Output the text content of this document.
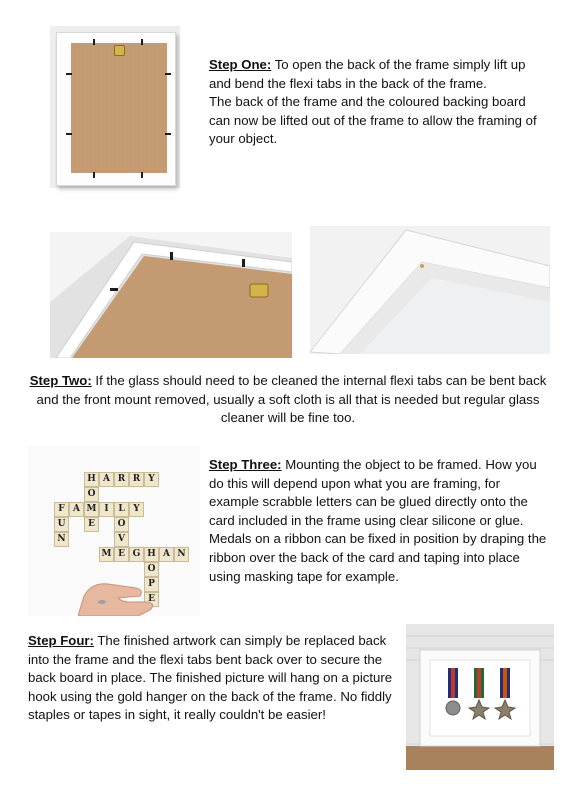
Step One: To open the back of the frame simply lift up and bend the flexi tabs in the back of the frame.
The back of the frame and the coloured backing board can now be lifted out of the frame to allow the framing of your object.
Step Two: If the glass should need to be cleaned the internal flexi tabs can be bent back and the front mount removed, usually a soft cloth is all that is needed but regular glass cleaner will be fine too.
H A R R Y
O
F A M I	L Y
U
N
E	O
V
M E G H A N
O
P
E
Step Three: Mounting the object to be framed. How you do this will depend upon what you are framing, for example scrabble letters can be glued directly onto the card included in the frame using clear silicone or glue. Medals on a ribbon can be fixed in position by draping the ribbon over the back of the card and taping into place using masking tape for example.
Step Four: The finished artwork can simply be replaced back into the frame and the flexi tabs bent back over to secure the back board in place. The finished picture will hang on a picture hook using the gold hanger on the back of the frame. No fiddly staples or tapes in sight, it really couldn't be easier!
